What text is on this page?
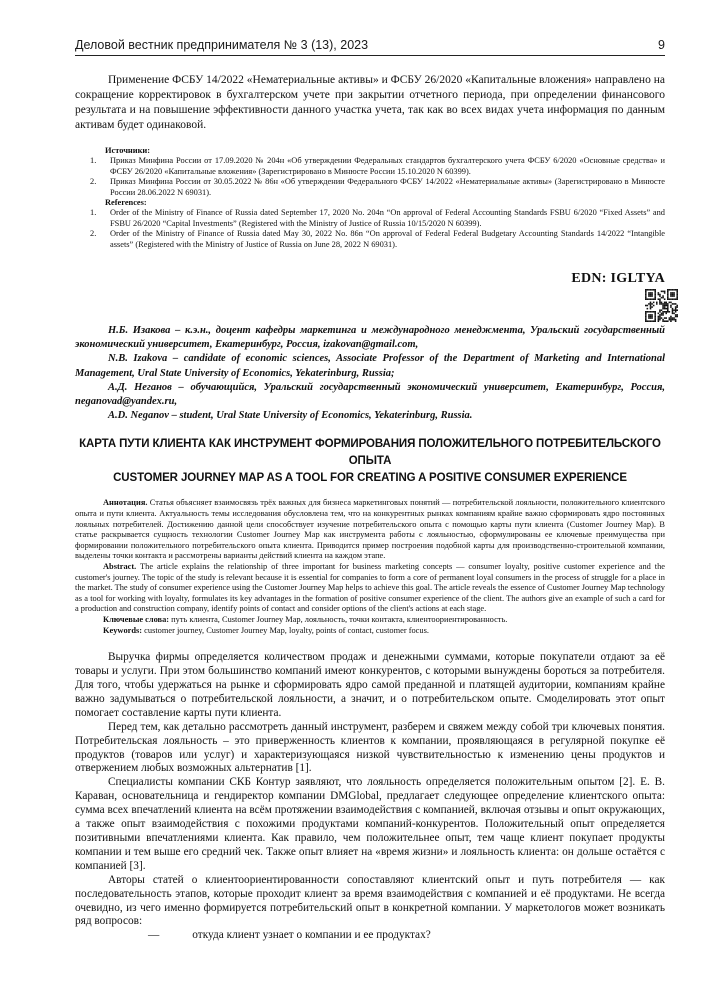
Деловой вестник предпринимателя № 3 (13), 2023	9

Применение ФСБУ 14/2022 «Нематериальные активы» и ФСБУ 26/2020 «Капитальные вложения» направлено на сокращение корректировок в бухгалтерском учете при закрытии отчетного периода, при определении финансового результата и на повышение эффективности данного участка учета, так как во всех видах учета информация по данным активам будет одинаковой.

Источники:
1.	Приказ Минфина России от 17.09.2020 № 204н «Об утверждении Федеральных стандартов бухгалтерского учета ФСБУ 6/2020 «Основные средства» и ФСБУ 26/2020 «Капитальные вложения» (Зарегистрировано в Минюсте России 15.10.2020 N 60399).
2.	Приказ Минфина России от 30.05.2022 № 86н «Об утверждении Федерального ФСБУ 14/2022 «Нематериальные активы» (Зарегистрировано в Минюсте России 28.06.2022 N 69031).
References:
1.	Order of the Ministry of Finance of Russia dated September 17, 2020 No. 204n “On approval of Federal Accounting Standards FSBU 6/2020 “Fixed Assets” and FSBU 26/2020 “Capital Investments” (Registered with the Ministry of Justice of Russia 10/15/2020 N 60399).
2.	Order of the Ministry of Finance of Russia dated May 30, 2022 No. 86n “On approval of Federal Federal Budgetary Accounting Standards 14/2022 “Intangible assets” (Registered with the Ministry of Justice of Russia on June 28, 2022 N 69031).
EDN: IGLTYA

Н.Б. Изакова – к.э.н., доцент кафедры маркетинга и международного менеджмента, Уральский государственный экономический университет, Екатеринбург, Россия, izakovan@gmail.com,

N.B. Izakova – candidate of economic sciences, Associate Professor of the Department of Marketing and International Management, Ural State University of Economics, Yekaterinburg, Russia;

А.Д. Неганов – обучающийся, Уральский государственный экономический университет, Екатеринбург, Россия, neganovad@yandex.ru,

A.D. Neganov – student, Ural State University of Economics, Yekaterinburg, Russia.

КАРТА ПУТИ КЛИЕНТА КАК ИНСТРУМЕНТ ФОРМИРОВАНИЯ ПОЛОЖИТЕЛЬНОГО ПОТРЕБИТЕЛЬСКОГО ОПЫТА
CUSTOMER JOURNEY MAP AS A TOOL FOR CREATING A POSITIVE CONSUMER EXPERIENCE

Аннотация. Статья объясняет взаимосвязь трёх важных для бизнеса маркетинговых понятий — потребительской лояльности, положительного клиентского опыта и пути клиента. Актуальность темы исследования обусловлена тем, что на конкурентных рынках компаниям крайне важно сформировать ядро постоянных лояльных потребителей. Достижению данной цели способствует изучение потребительского опыта с помощью карты пути клиента (Customer Journey Map). В статье раскрывается сущность технологии Customer Journey Map как инструмента работы с лояльностью, сформулированы ее ключевые преимущества при формировании положительного потребительского опыта клиента. Приводится пример построения подобной карты для производственно-строительной компании, выделены точки контакта и рассмотрены варианты действий клиента на каждом этапе.

Abstract. The article explains the relationship of three important for business marketing concepts — consumer loyalty, positive customer experience and the customer's journey. The topic of the study is relevant because it is essential for companies to form a core of permanent loyal consumers in the process of struggle for a place in the market. The study of consumer experience using the Customer Journey Map helps to achieve this goal. The article reveals the essence of Customer Journey Map technology as a tool for working with loyalty, formulates its key advantages in the formation of positive consumer experience of the client. The authors give an example of such a card for a production and construction company, identify points of contact and consider options of the client's actions at each stage.

Ключевые слова: путь клиента, Customer Journey Map, лояльность, точки контакта, клиентоориентированность.

Keywords: customer journey, Customer Journey Map, loyalty, points of contact, customer focus.

Выручка фирмы определяется количеством продаж и денежными суммами, которые покупатели отдают за её товары и услуги. При этом большинство компаний имеют конкурентов, с которыми вынуждены бороться за потребителя. Для того, чтобы удержаться на рынке и сформировать ядро самой преданной и платящей аудитории, компаниям крайне важно задумываться о потребительской лояльности, а значит, и о потребительском опыте. Смоделировать этот опыт помогает составление карты пути клиента.

Перед тем, как детально рассмотреть данный инструмент, разберем и свяжем между собой три ключевых понятия. Потребительская лояльность – это приверженность клиентов к компании, проявляющаяся в регулярной покупке её продуктов (товаров или услуг) и характеризующаяся низкой чувствительностью к изменению цены продуктов и отвержением любых возможных альтернатив [1].

Специалисты компании СКБ Контур заявляют, что лояльность определяется положительным опытом [2]. Е. В. Караван, основательница и гендиректор компании DMGlobal, предлагает следующее определение клиентского опыта: сумма всех впечатлений клиента на всём протяжении взаимодействия с компанией, включая отзывы и опыт окружающих, а также опыт взаимодействия с похожими продуктами компаний-конкурентов. Положительный опыт определяется позитивными впечатлениями клиента. Как правило, чем положительнее опыт, тем чаще клиент покупает продукты компании и тем выше его средний чек. Также опыт влияет на «время жизни» и лояльность клиента: он дольше остаётся с компанией [3].

Авторы статей о клиентоориентированности сопоставляют клиентский опыт и путь потребителя — как последовательность этапов, которые проходит клиент за время взаимодействия с компанией и её продуктами. Не всегда очевидно, из чего именно формируется потребительский опыт в конкретной компании. У маркетологов может возникать ряд вопросов:

—	откуда клиент узнает о компании и ее продуктах?
